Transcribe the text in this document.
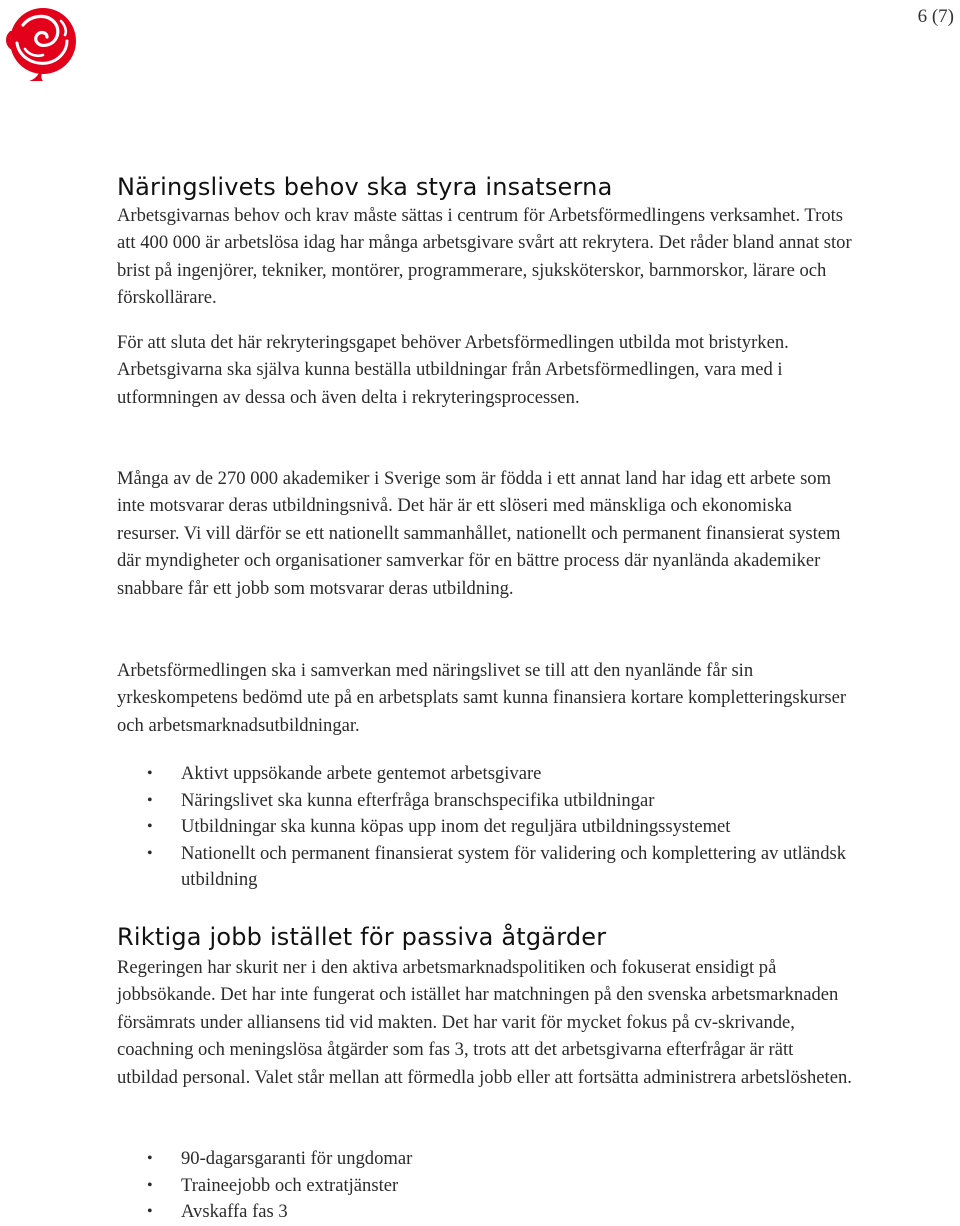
6 (7)
Näringslivets behov ska styra insatserna

Arbetsgivarnas behov och krav måste sättas i centrum för Arbetsförmedlingens verksamhet. Trots att 400 000 är arbetslösa idag har många arbetsgivare svårt att rekrytera. Det råder bland annat stor brist på ingenjörer, tekniker, montörer, programmerare, sjuksköterskor, barnmorskor, lärare och förskollärare.

För att sluta det här rekryteringsgapet behöver Arbetsförmedlingen utbilda mot bristyrken. Arbetsgivarna ska själva kunna beställa utbildningar från Arbetsförmedlingen, vara med i utformningen av dessa och även delta i rekryteringsprocessen.

Många av de 270 000 akademiker i Sverige som är födda i ett annat land har idag ett arbete som inte motsvarar deras utbildningsnivå. Det här är ett slöseri med mänskliga och ekonomiska resurser. Vi vill därför se ett nationellt sammanhållet, nationellt och permanent finansierat system där myndigheter och organisationer samverkar för en bättre process där nyanlända akademiker snabbare får ett jobb som motsvarar deras utbildning.

Arbetsförmedlingen ska i samverkan med näringslivet se till att den nyanlände får sin yrkeskompetens bedömd ute på en arbetsplats samt kunna finansiera kortare kompletteringskurser och arbetsmarknadsutbildningar.

• Aktivt uppsökande arbete gentemot arbetsgivare
• Näringslivet ska kunna efterfråga branschspecifika utbildningar
• Utbildningar ska kunna köpas upp inom det reguljära utbildningssystemet
• Nationellt och permanent finansierat system för validering och komplettering av utländsk utbildning
Riktiga jobb istället för passiva åtgärder

Regeringen har skurit ner i den aktiva arbetsmarknadspolitiken och fokuserat ensidigt på jobbsökande. Det har inte fungerat och istället har matchningen på den svenska arbetsmarknaden försämrats under alliansens tid vid makten. Det har varit för mycket fokus på cv-skrivande, coachning och meningslösa åtgärder som fas 3, trots att det arbetsgivarna efterfrågar är rätt utbildad personal. Valet står mellan att förmedla jobb eller att fortsätta administrera arbetslösheten.

• 90-dagarsgaranti för ungdomar
• Traineejobb och extratjänster
• Avskaffa fas 3
